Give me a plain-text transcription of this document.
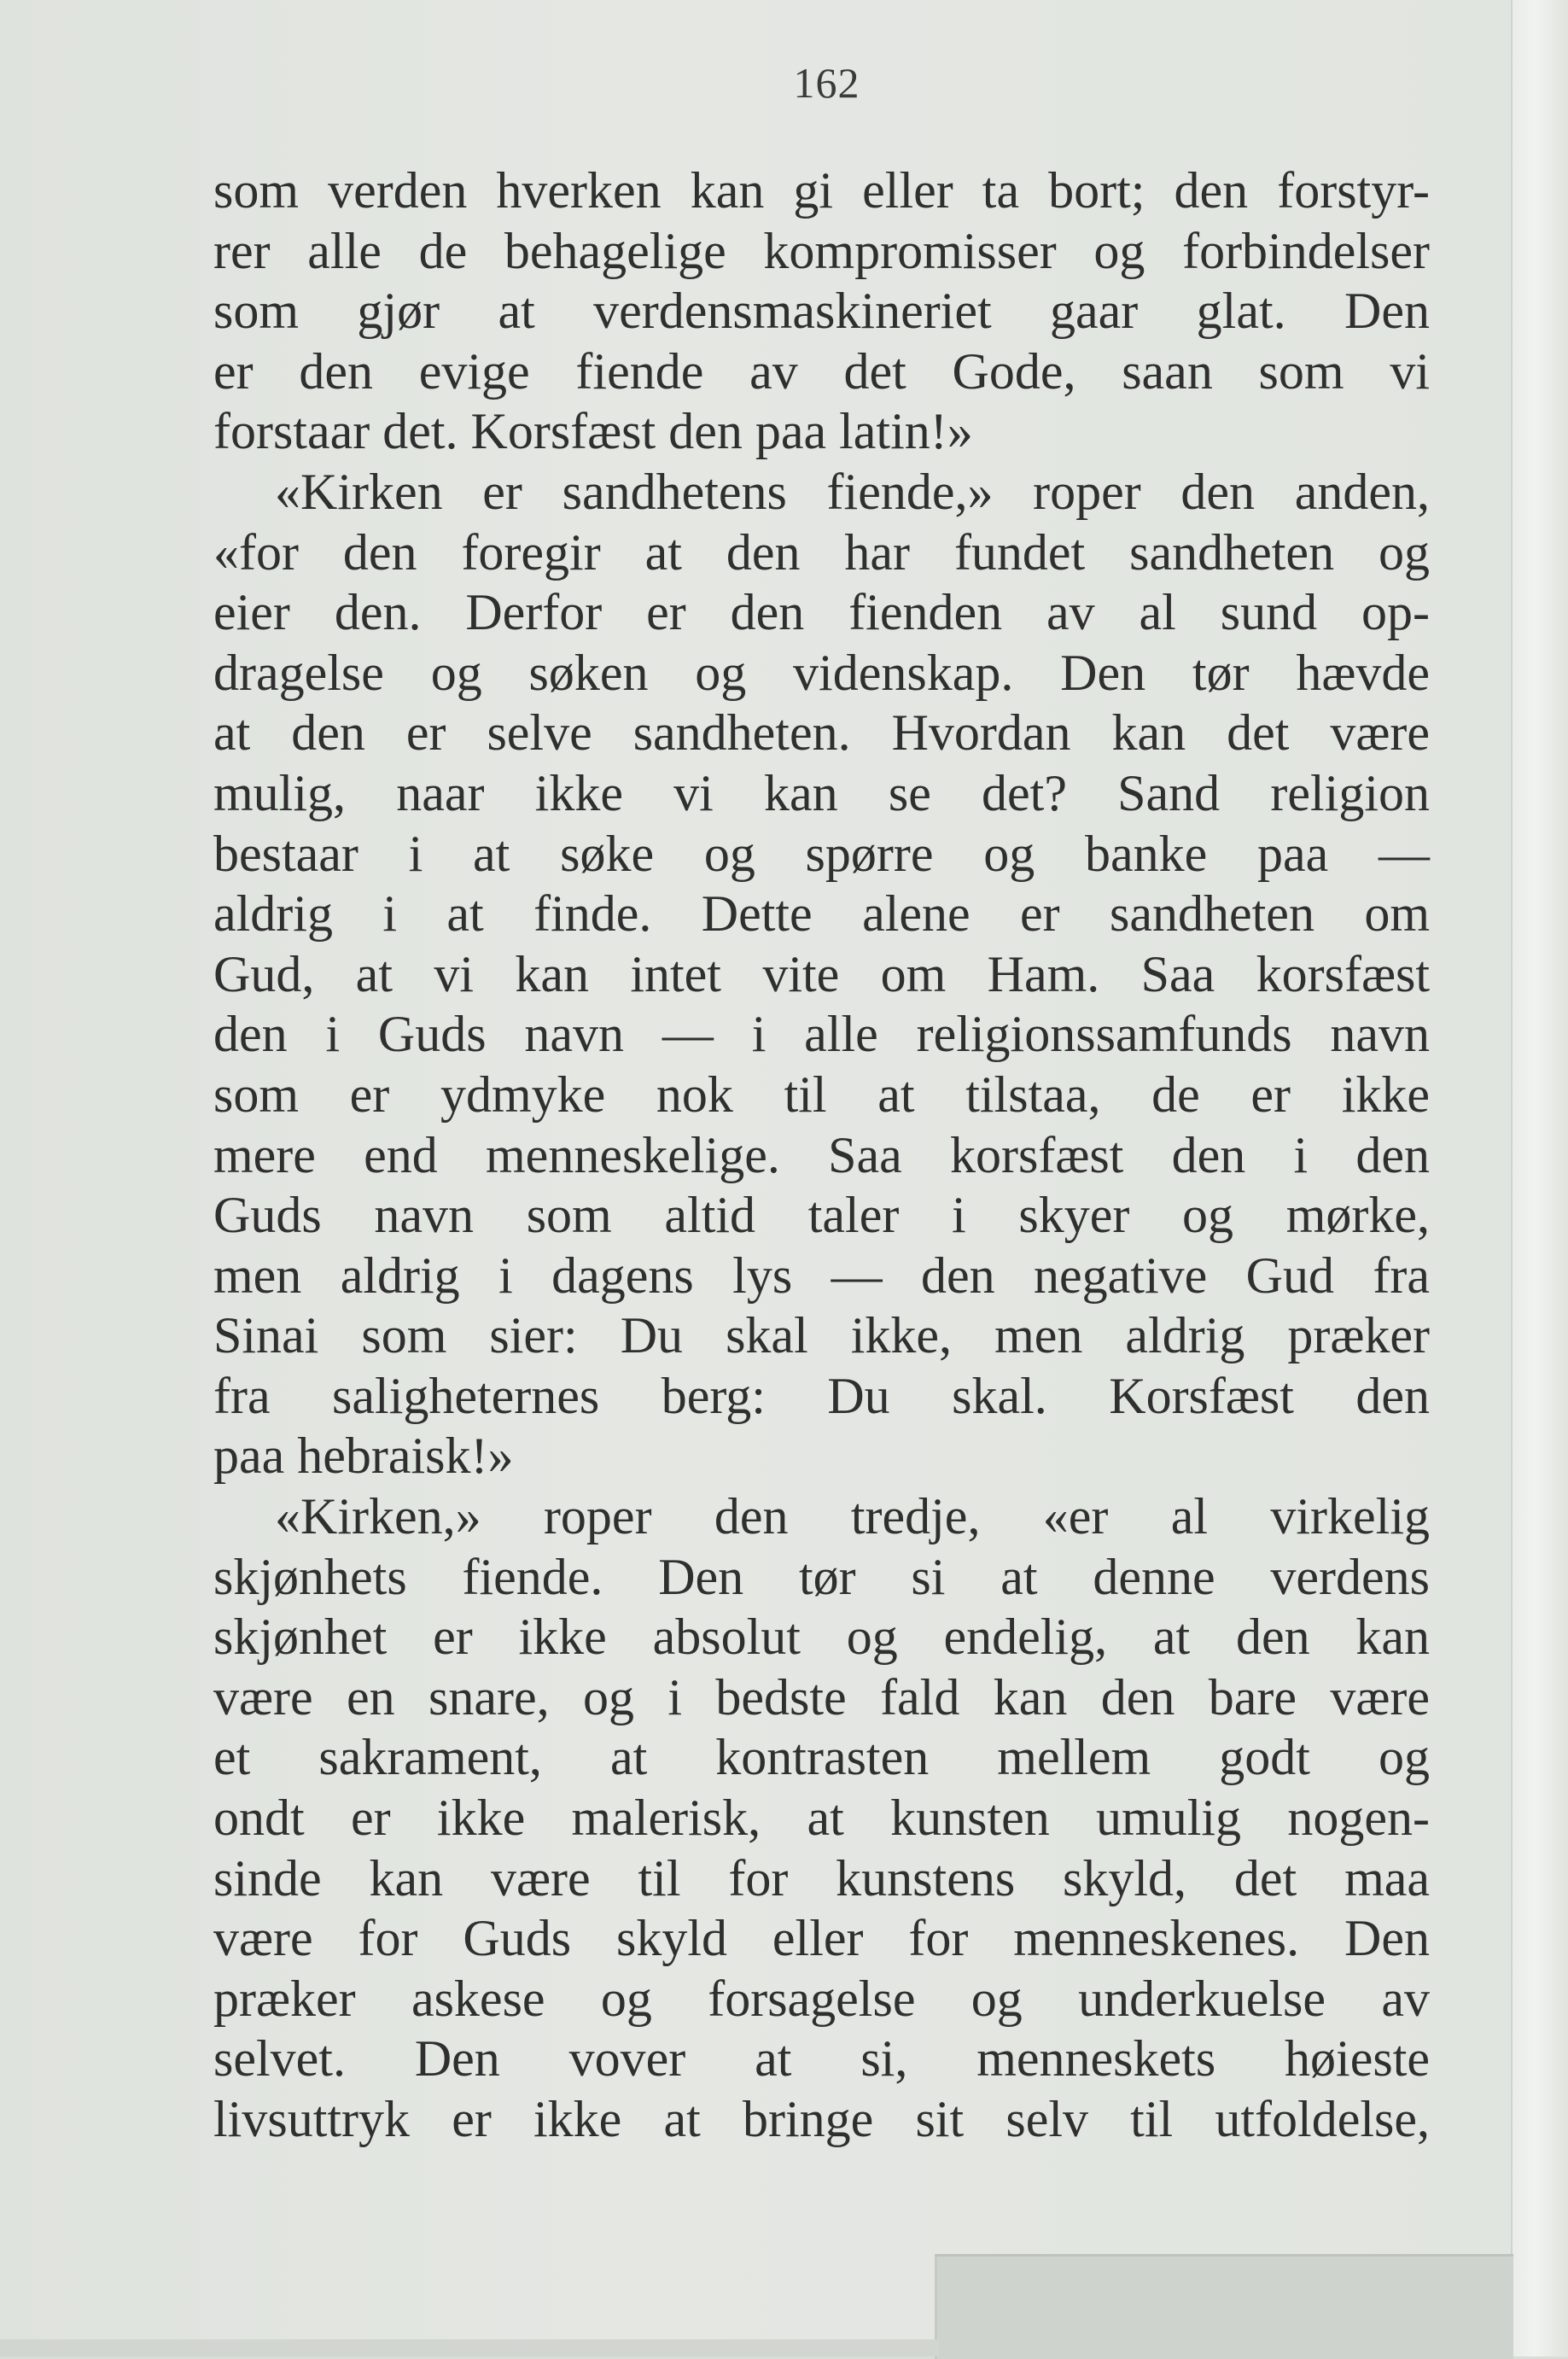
162
som verden hverken kan gi eller ta bort; den forstyr-
rer alle de behagelige kompromisser og forbindelser
som gjør at verdensmaskineriet gaar glat. Den
er den evige fiende av det Gode, saan som vi
forstaar det. Korsfæst den paa latin!»
«Kirken er sandhetens fiende,» roper den anden,
«for den foregir at den har fundet sandheten og
eier den. Derfor er den fienden av al sund op-
dragelse og søken og videnskap. Den tør hævde
at den er selve sandheten. Hvordan kan det være
mulig, naar ikke vi kan se det? Sand religion
bestaar i at søke og spørre og banke paa —
aldrig i at finde. Dette alene er sandheten om
Gud, at vi kan intet vite om Ham. Saa korsfæst
den i Guds navn — i alle religionssamfunds navn
som er ydmyke nok til at tilstaa, de er ikke
mere end menneskelige. Saa korsfæst den i den
Guds navn som altid taler i skyer og mørke,
men aldrig i dagens lys — den negative Gud fra
Sinai som sier: Du skal ikke, men aldrig præker
fra saligheternes berg: Du skal. Korsfæst den
paa hebraisk!»
«Kirken,» roper den tredje, «er al virkelig
skjønhets fiende. Den tør si at denne verdens
skjønhet er ikke absolut og endelig, at den kan
være en snare, og i bedste fald kan den bare være
et sakrament, at kontrasten mellem godt og
ondt er ikke malerisk, at kunsten umulig nogen-
sinde kan være til for kunstens skyld, det maa
være for Guds skyld eller for menneskenes. Den
præker askese og forsagelse og underkuelse av
selvet. Den vover at si, menneskets høieste
livsuttryk er ikke at bringe sit selv til utfoldelse,
